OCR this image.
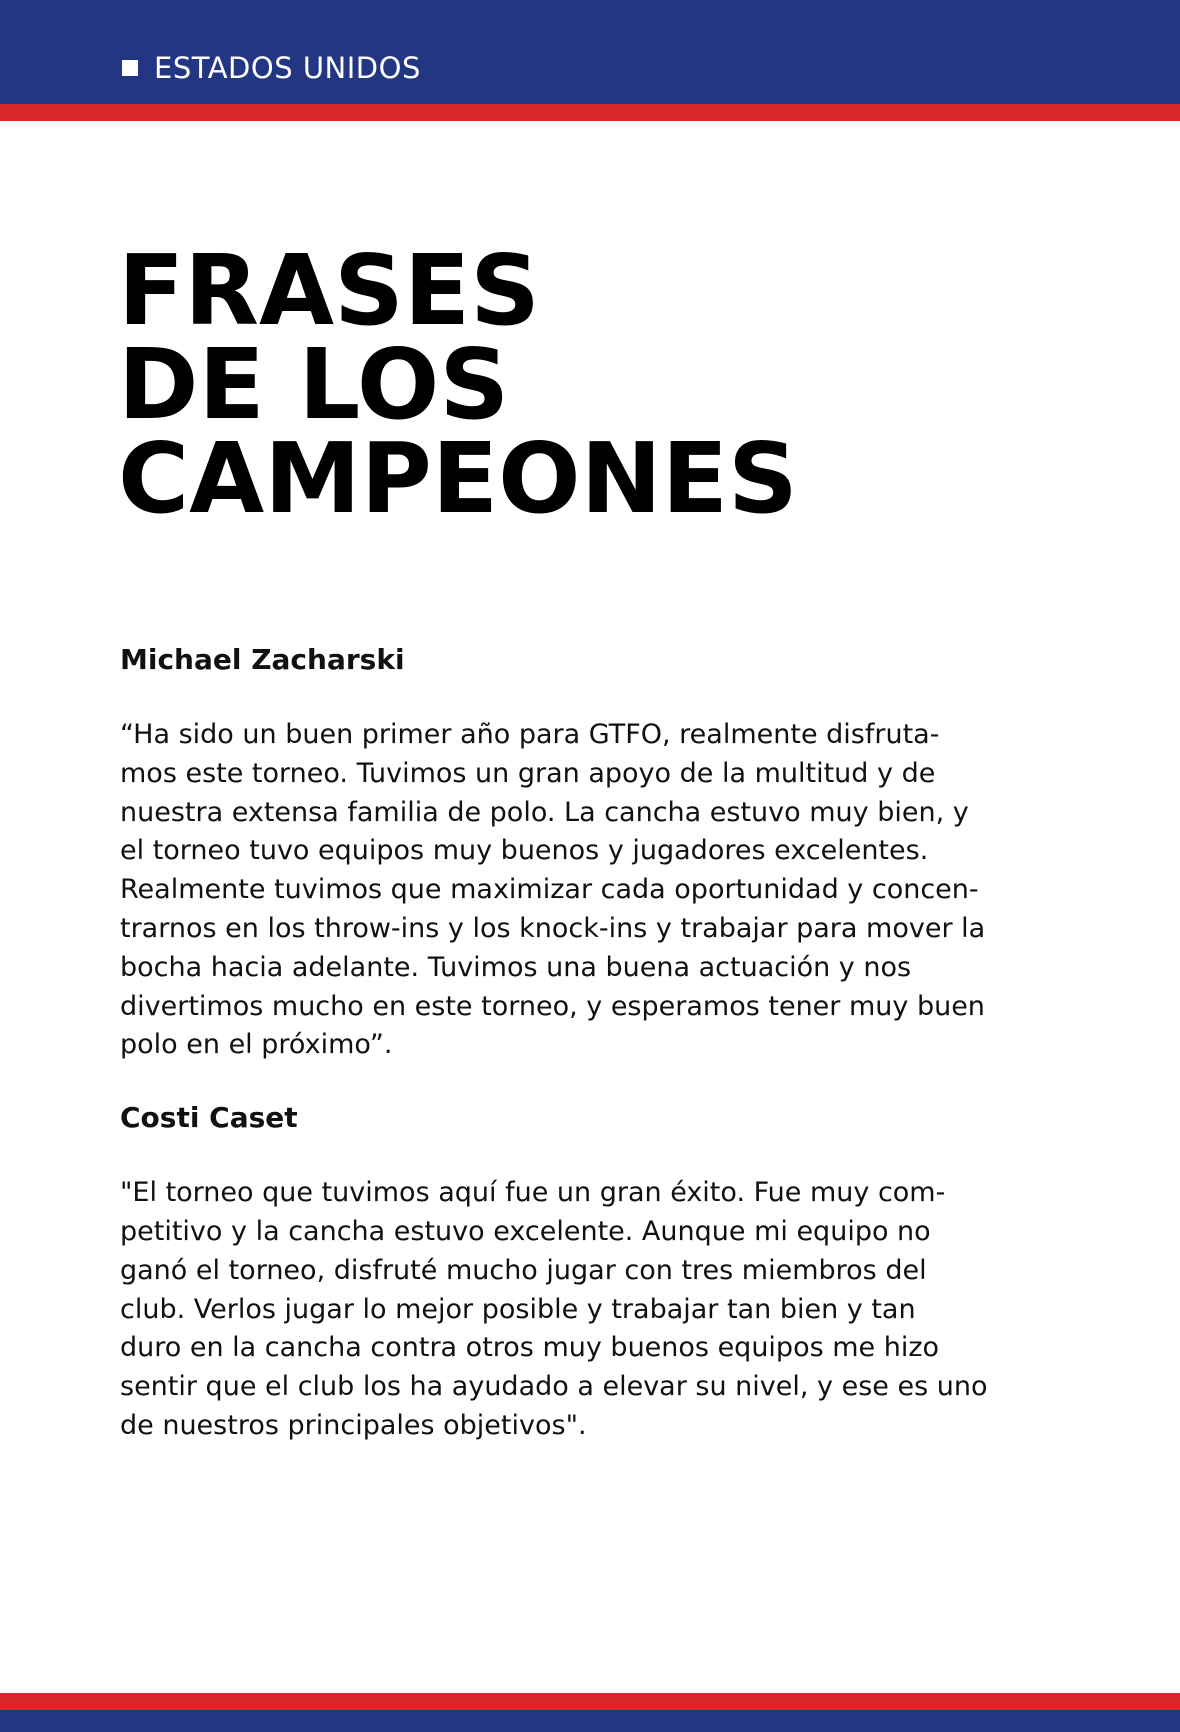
ESTADOS UNIDOS
FRASES
DE LOS
CAMPEONES

Michael Zacharski

“Ha sido un buen primer año para GTFO, realmente disfruta-
mos este torneo. Tuvimos un gran apoyo de la multitud y de
nuestra extensa familia de polo. La cancha estuvo muy bien, y
el torneo tuvo equipos muy buenos y jugadores excelentes.
Realmente tuvimos que maximizar cada oportunidad y concen-
trarnos en los throw-ins y los knock-ins y trabajar para mover la
bocha hacia adelante. Tuvimos una buena actuación y nos
divertimos mucho en este torneo, y esperamos tener muy buen
polo en el próximo”.

Costi Caset

"El torneo que tuvimos aquí fue un gran éxito. Fue muy com-
petitivo y la cancha estuvo excelente. Aunque mi equipo no
ganó el torneo, disfruté mucho jugar con tres miembros del
club. Verlos jugar lo mejor posible y trabajar tan bien y tan
duro en la cancha contra otros muy buenos equipos me hizo
sentir que el club los ha ayudado a elevar su nivel, y ese es uno
de nuestros principales objetivos".
